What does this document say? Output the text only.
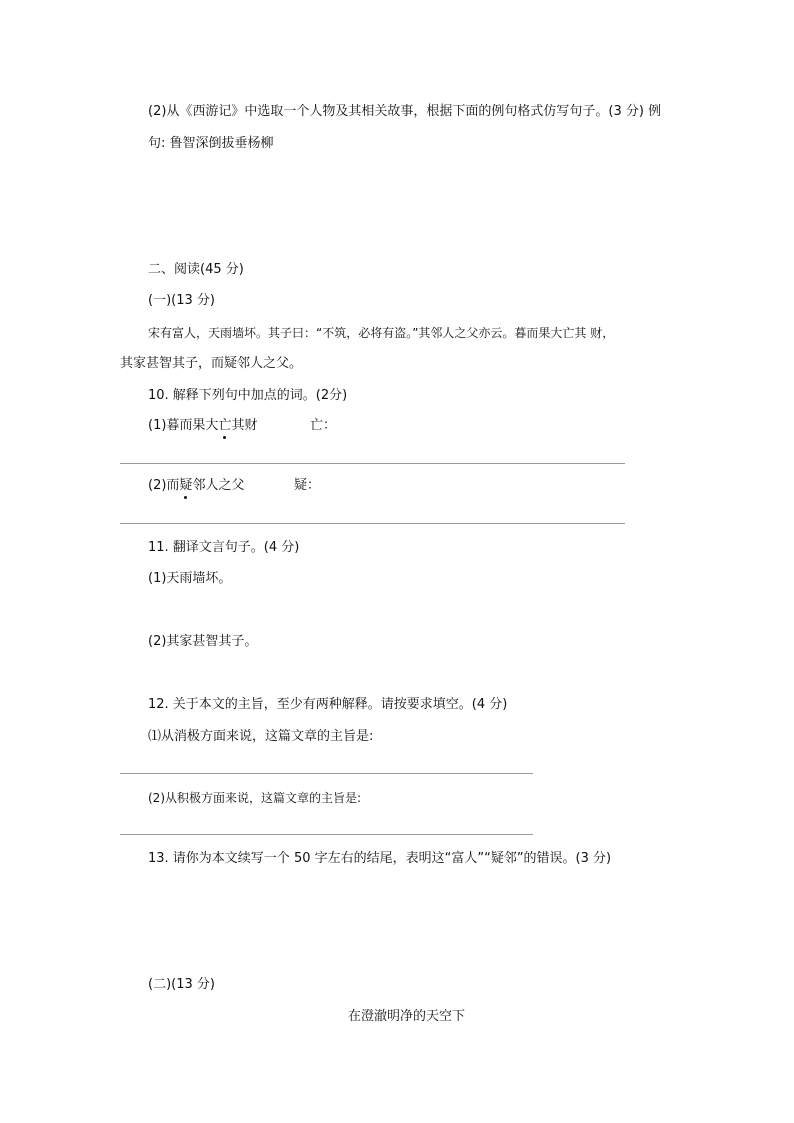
(2)从《西游记》中选取一个人物及其相关故事，根据下面的例句格式仿写句子。(3 分) 例
句: 鲁智深倒拔垂杨柳
二、阅读(45 分)
(一)(13 分)
宋有富人，天雨墙坏。其子曰：“不筑，必将有盗。”其邻人之父亦云。暮而果大亡其 财，
其家甚智其子，而疑邻人之父。
10. 解释下列句中加点的词。(2分)
(1)暮而果大亡其财	亡：
(2)而疑邻人之父	疑：
11. 翻译文言句子。(4 分)
(1)天雨墙坏。
(2)其家甚智其子。
12. 关于本文的主旨，至少有两种解释。请按要求填空。(4 分)
⑴从消极方面来说，这篇文章的主旨是:
(2)从积极方面来说，这篇文章的主旨是:
13. 请你为本文续写一个 50 字左右的结尾，表明这“富人”“疑邻”的错误。(3 分)
(二)(13 分)
在澄澈明净的天空下
